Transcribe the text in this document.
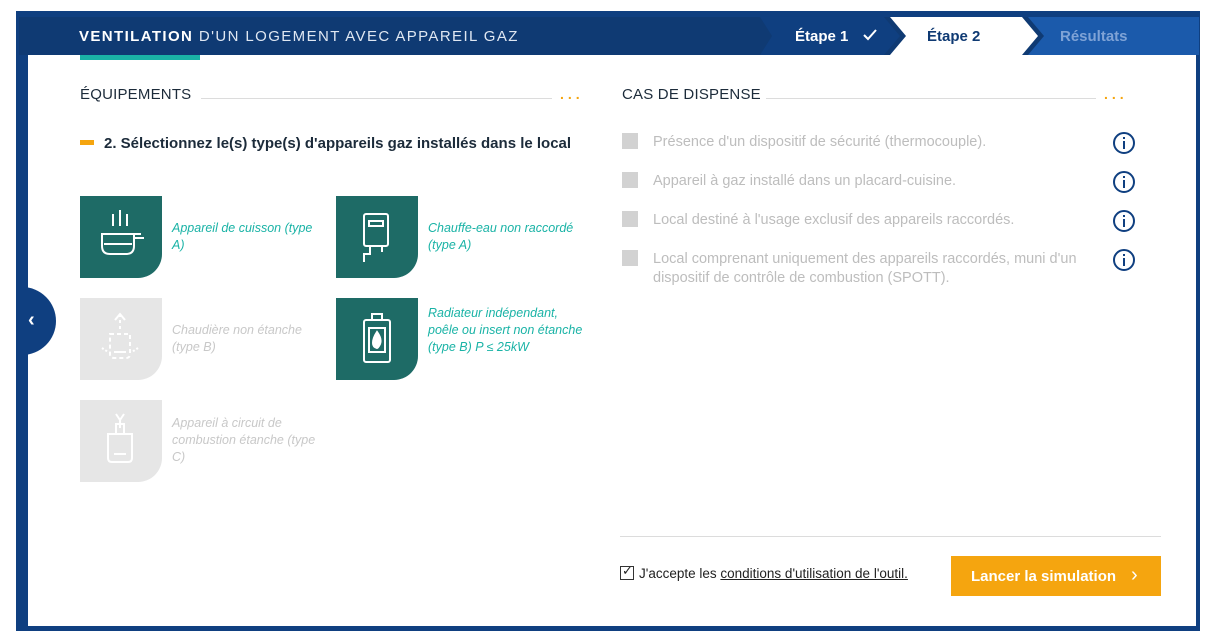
VENTILATION D'UN LOGEMENT AVEC APPAREIL GAZ	Étape 1	Étape 2	Résultats
‹
ÉQUIPEMENTS	...
2. Sélectionnez le(s) type(s) d'appareils gaz installés dans le local
Appareil de cuisson (type A)
Chauffe-eau non raccordé (type A)
Chaudière non étanche (type B)
Radiateur indépendant, poêle ou insert non étanche (type B) P ≤ 25kW
Appareil à circuit de combustion étanche (type C)
CAS DE DISPENSE	...
Présence d'un dispositif de sécurité (thermocouple).
Appareil à gaz installé dans un placard-cuisine.
Local destiné à l'usage exclusif des appareils raccordés.
Local comprenant uniquement des appareils raccordés, muni d'un dispositif de contrôle de combustion (SPOTT).
✓ J'accepte les conditions d'utilisation de l'outil.	Lancer la simulation ›
